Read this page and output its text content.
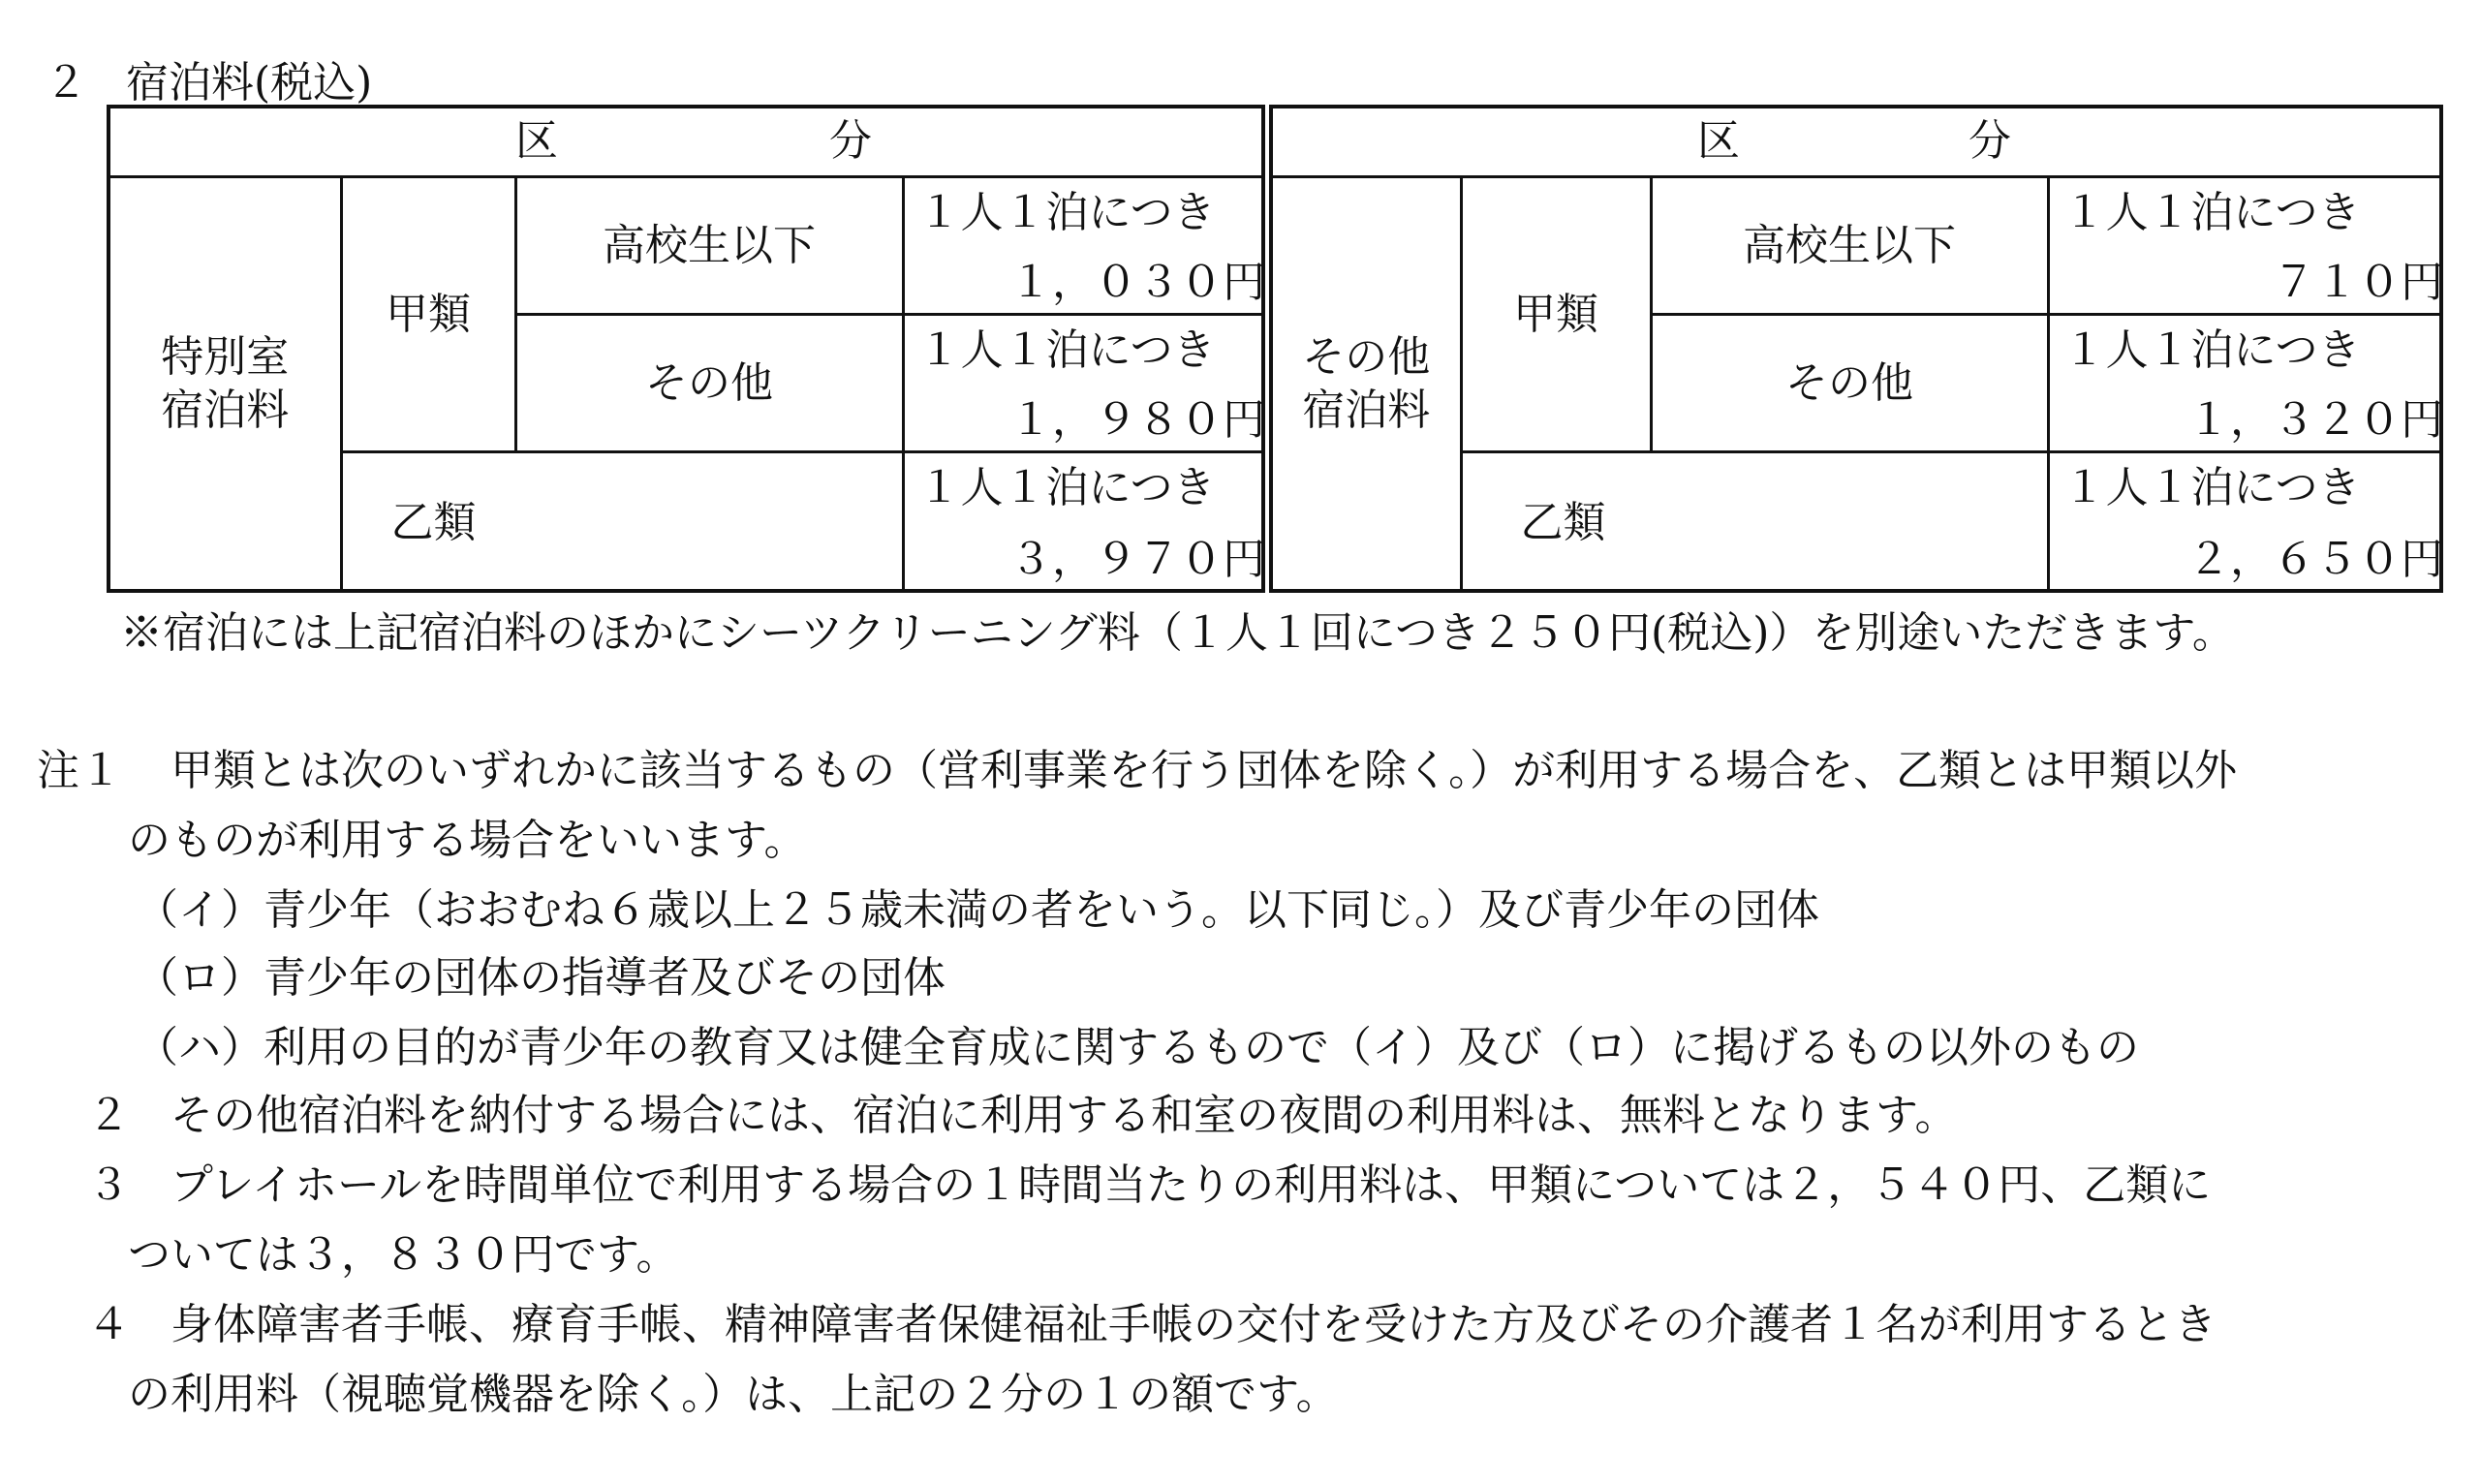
２ 宿泊料(税込)
区 分			

特別室
宿泊料	甲類	高校生以下	１人１泊につき
１，０３０円

その他	１人１泊につき
１，９８０円

	乙類		１人１泊につき
３，９７０円
区 分			

その他
宿泊料	甲類	高校生以下	１人１泊につき
７１０円

その他	１人１泊につき
１，３２０円

	乙類		１人１泊につき
２，６５０円
※宿泊には上記宿泊料のほかにシーツクリーニング料（１人１回につき２５０円(税込)）を別途いただきます。
注１ 甲類とは次のいずれかに該当するもの（営利事業を行う団体を除く。）が利用する場合を、乙類とは甲類以外
のものが利用する場合をいいます。
（イ）青少年（おおむね６歳以上２５歳未満の者をいう。以下同じ。）及び青少年の団体
（ロ）青少年の団体の指導者及びその団体
（ハ）利用の目的が青少年の教育又は健全育成に関するもので（イ）及び（ロ）に掲げるもの以外のもの
２ その他宿泊料を納付する場合には、宿泊に利用する和室の夜間の利用料は、無料となります。
３ プレイホールを時間単位で利用する場合の１時間当たりの利用料は、甲類については２，５４０円、乙類に
ついては３，８３０円です。
４ 身体障害者手帳、療育手帳、精神障害者保健福祉手帳の交付を受けた方及びその介護者１名が利用するとき
の利用料（視聴覚機器を除く。）は、上記の２分の１の額です。
